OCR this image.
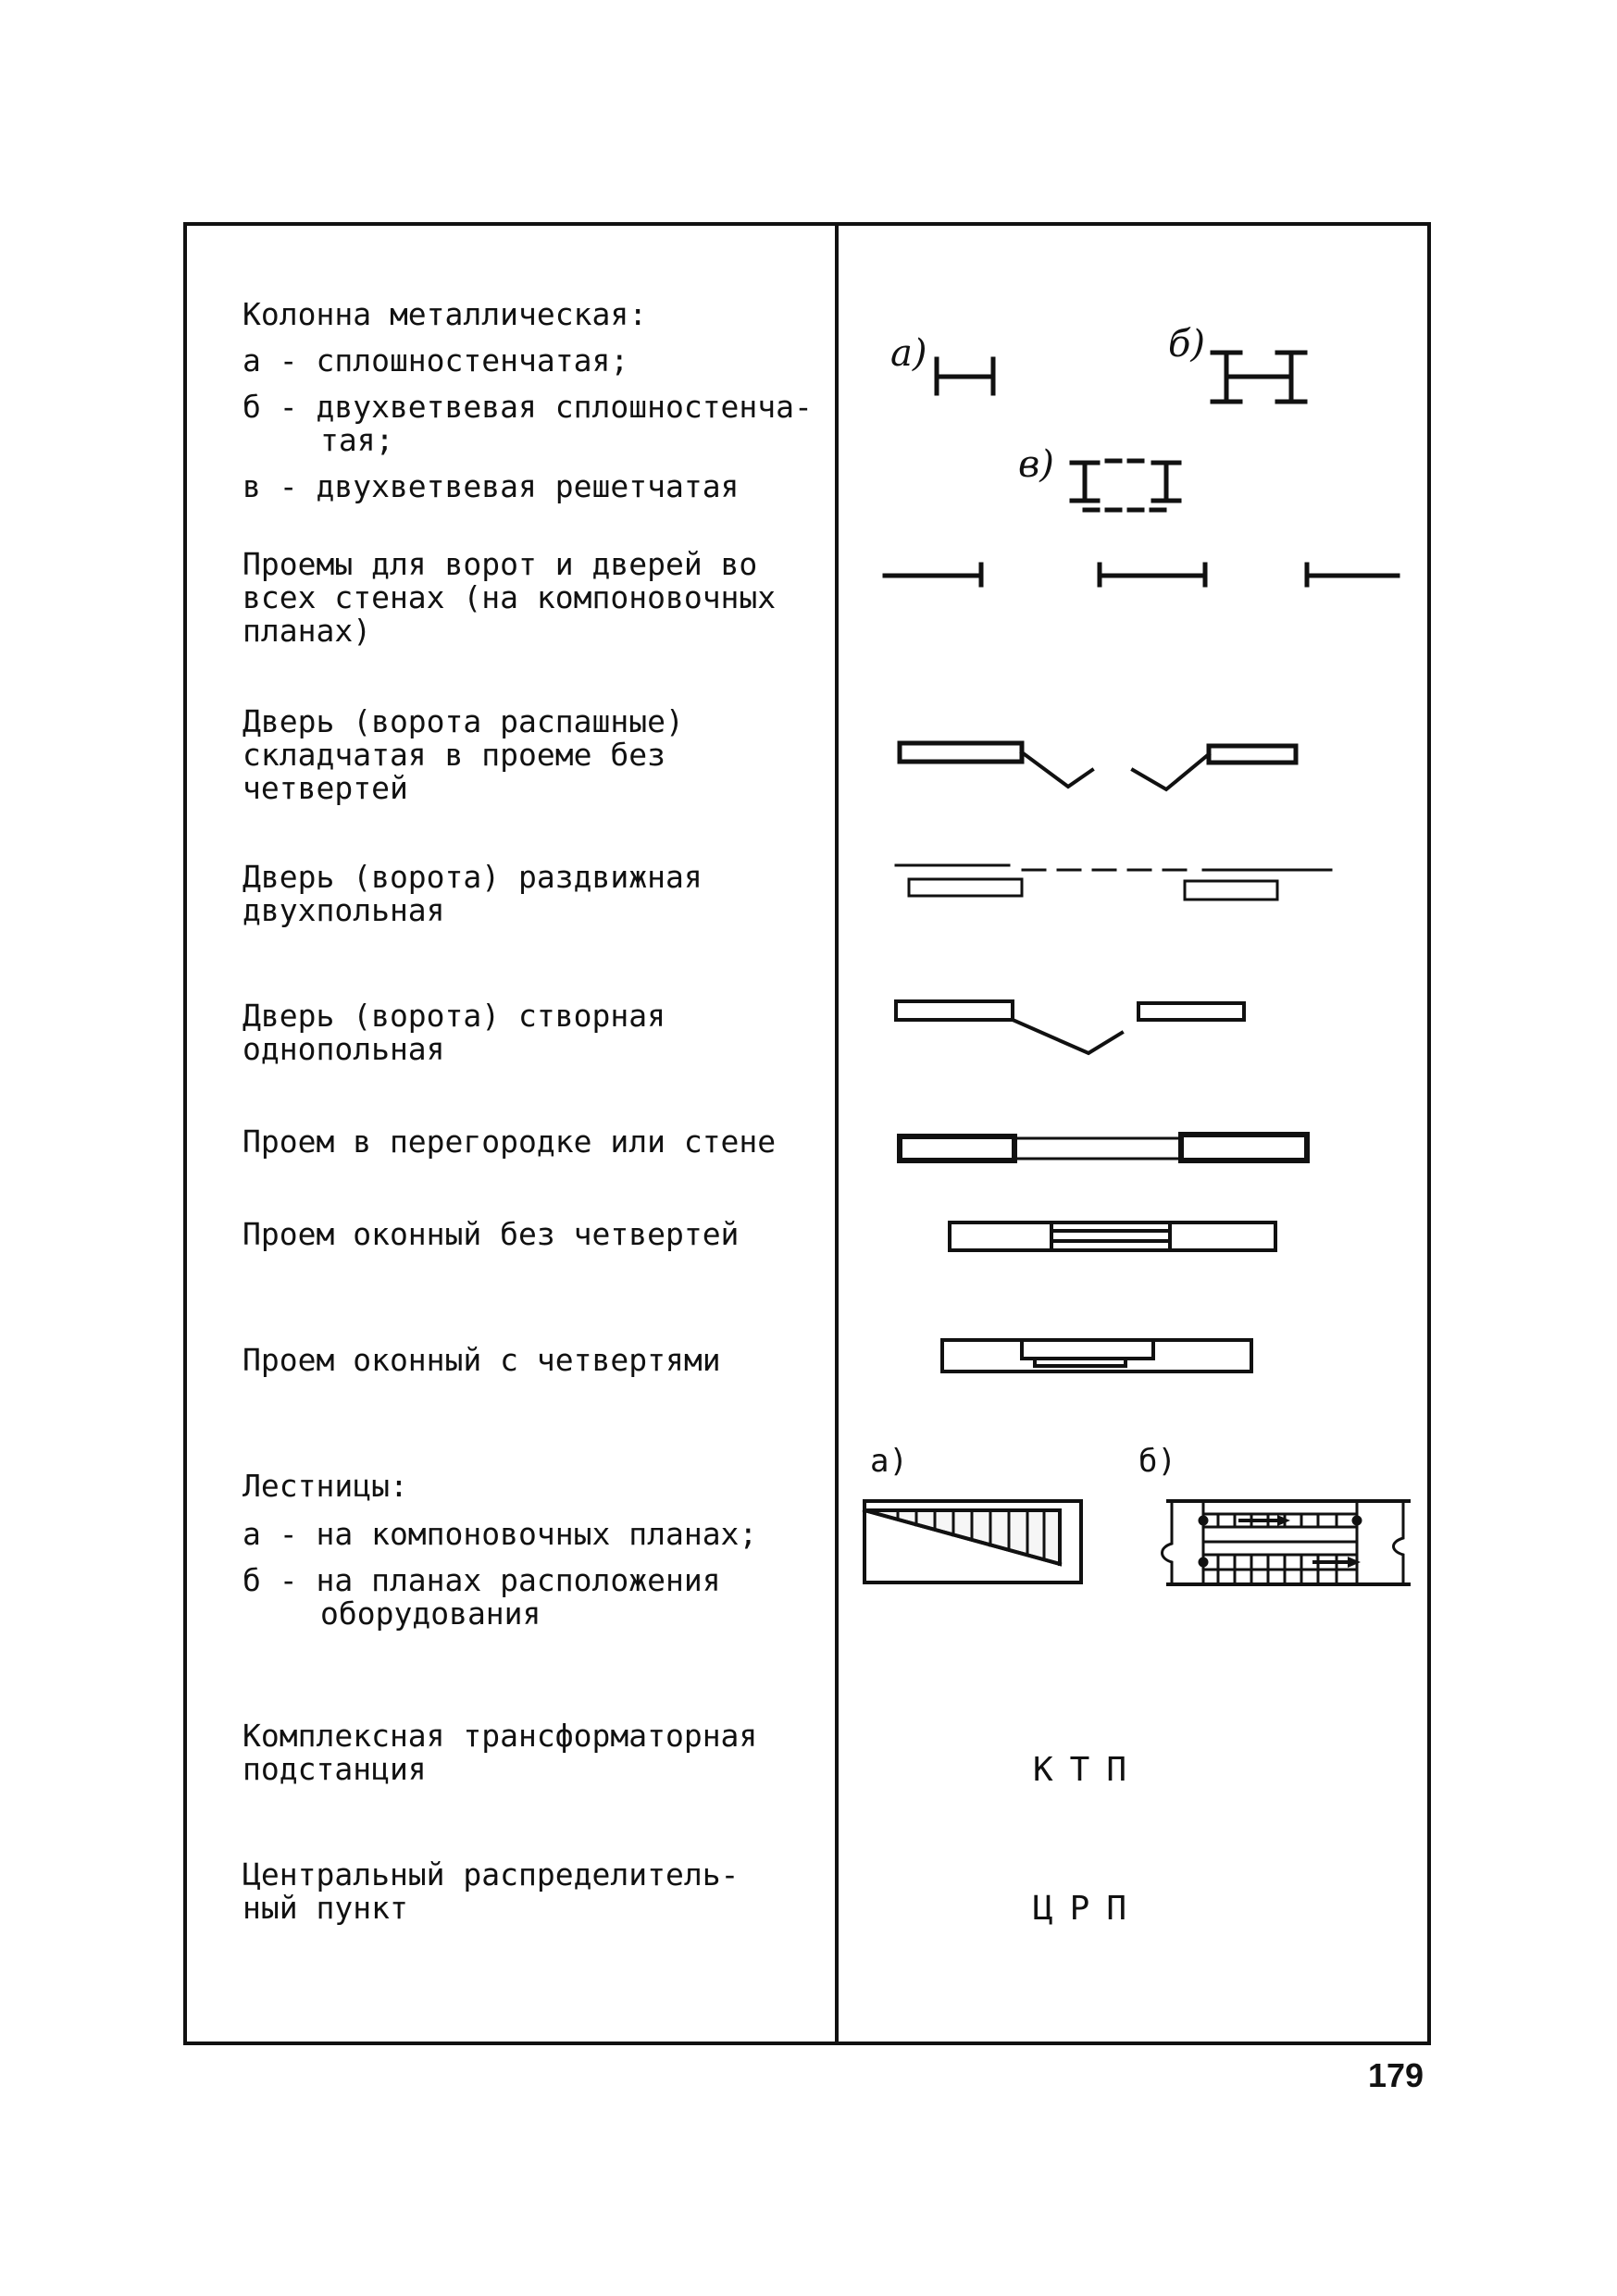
Колонна металлическая:
а - сплошностенчатая;
б - двухветвевая сплошностенча-
тая;
в - двухветвевая решетчатая
Проемы для ворот и дверей во
всех стенах (на компоновочных
планах)
Дверь (ворота распашные)
складчатая в проеме без
четвертей
Дверь (ворота) раздвижная
двухпольная
Дверь (ворота) створная
однопольная
Проем в перегородке или стене
Проем оконный без четвертей
Проем оконный с четвертями
Лестницы:
а - на компоновочных планах;
б - на планах расположения
оборудования
Комплексная трансформаторная
подстанция
Центральный распределитель-
ный пункт
а)	б)
в)
а)	б)
КТП
ЦРП
179
